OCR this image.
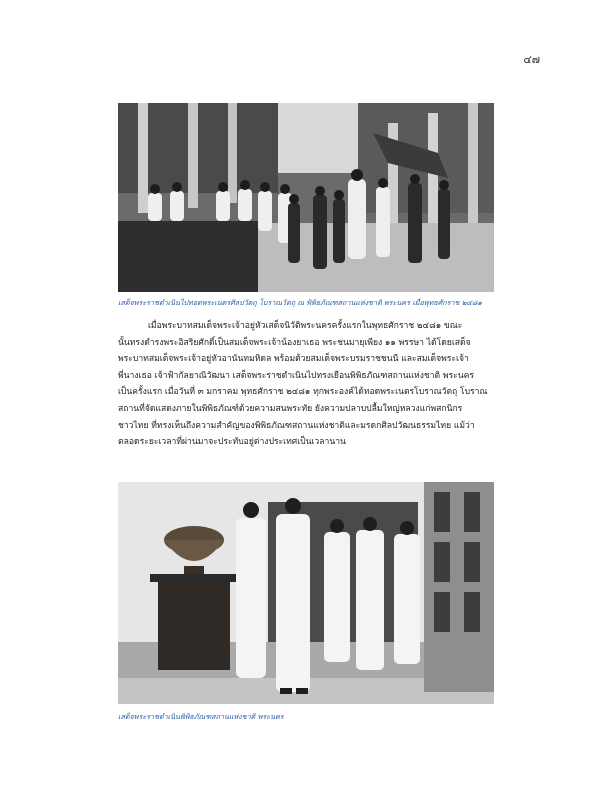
๔๗
เสด็จพระราชดำเนินไปทอดพระเนตรศิลปวัตถุ โบราณวัตถุ ณ พิพิธภัณฑสถานแห่งชาติ พระนคร เมื่อพุทธศักราช ๒๔๘๑
เมื่อพระบาทสมเด็จพระเจ้าอยู่หัวเสด็จนิวัติพระนครครั้งแรกในพุทธศักราช ๒๔๘๑ ขณะ
นั้นทรงดำรงพระอิสริยศักดิ์เป็นสมเด็จพระเจ้าน้องยาเธอ พระชนมายุเพียง ๑๑ พรรษา ได้โดยเสด็จ
พระบาทสมเด็จพระเจ้าอยู่หัวอานันทมหิดล พร้อมด้วยสมเด็จพระบรมราชชนนี และสมเด็จพระเจ้า
พี่นางเธอ เจ้าฟ้ากัลยาณิวัฒนา เสด็จพระราชดำเนินไปทรงเยือนพิพิธภัณฑสถานแห่งชาติ พระนคร
เป็นครั้งแรก เมื่อวันที่ ๓ มกราคม พุทธศักราช ๒๔๘๑ ทุกพระองค์ได้ทอดพระเนตรโบราณวัตถุ โบราณ
สถานที่จัดแสดงภายในพิพิธภัณฑ์ด้วยความสนพระทัย ยังความปลาบปลื้มใหญ่หลวงแก่พสกนิกร
ชาวไทย ที่ทรงเห็นถึงความสำคัญของพิพิธภัณฑสถานแห่งชาติและมรดกศิลปวัฒนธรรมไทย แม้ว่า
ตลอดระยะเวลาที่ผ่านมาจะประทับอยู่ต่างประเทศเป็นเวลานาน
เสด็จพระราชดำเนินพิพิธภัณฑสถานแห่งชาติ พระนคร
